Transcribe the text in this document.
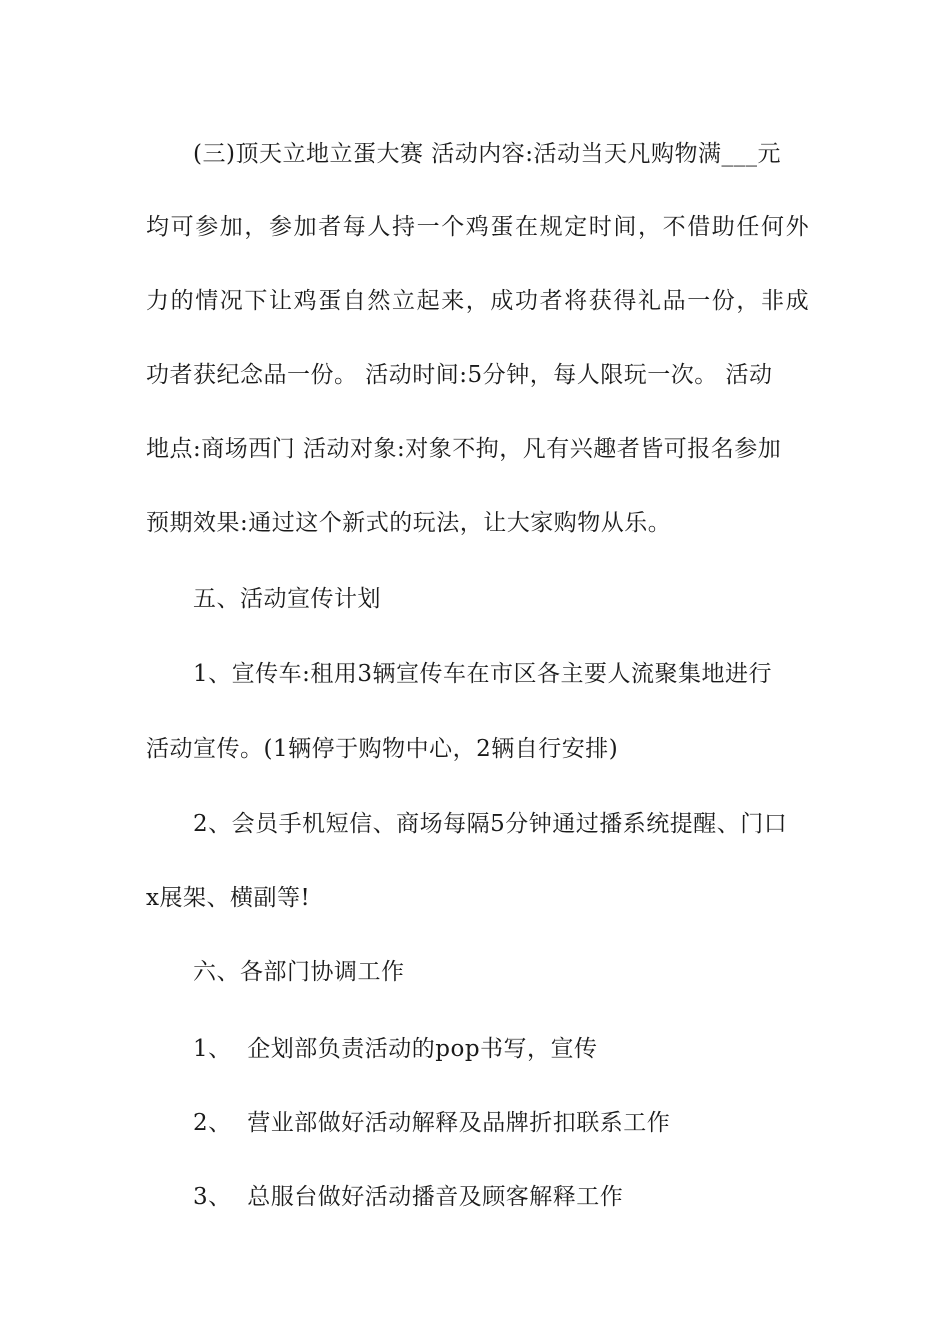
(三)顶天立地立蛋大赛 活动内容:活动当天凡购物满___元
均可参加，参加者每人持一个鸡蛋在规定时间，不借助任何外
力的情况下让鸡蛋自然立起来，成功者将获得礼品一份，非成
功者获纪念品一份。 活动时间:5分钟，每人限玩一次。 活动
地点:商场西门 活动对象:对象不拘，凡有兴趣者皆可报名参加
预期效果:通过这个新式的玩法，让大家购物从乐。
五、活动宣传计划
1、宣传车:租用3辆宣传车在市区各主要人流聚集地进行
活动宣传。(1辆停于购物中心，2辆自行安排)
2、会员手机短信、商场每隔5分钟通过播系统提醒、门口
x展架、横副等!
六、各部门协调工作
1、  企划部负责活动的pop书写，宣传
2、  营业部做好活动解释及品牌折扣联系工作
3、  总服台做好活动播音及顾客解释工作
